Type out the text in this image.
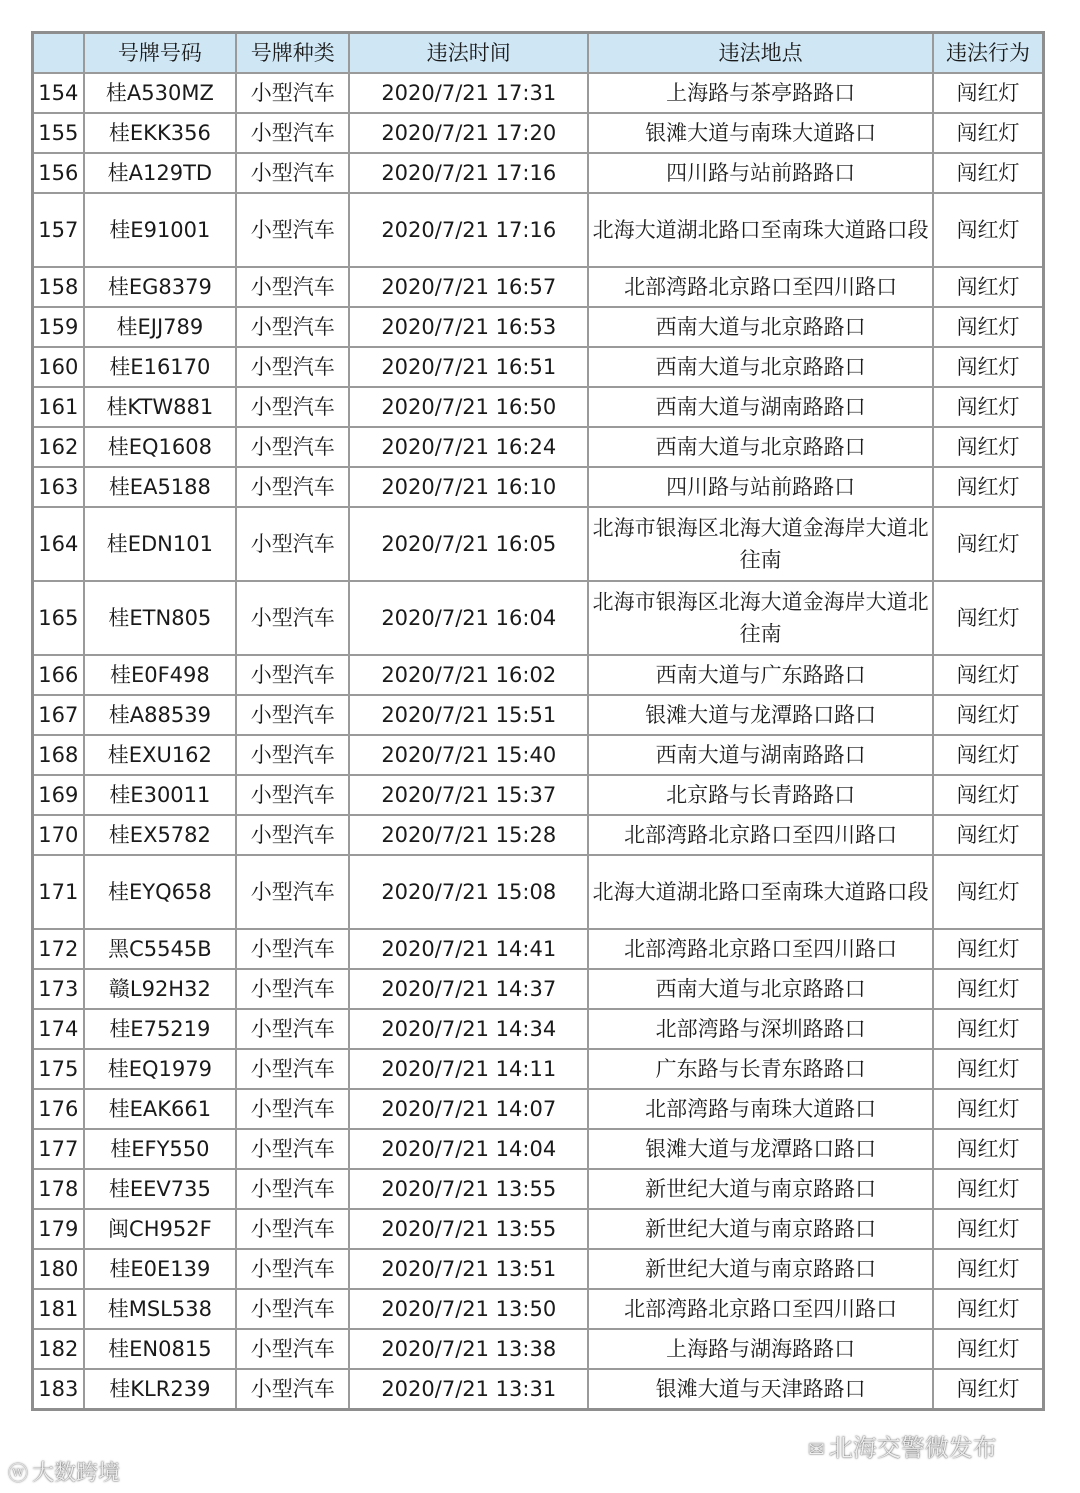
	号牌号码	号牌种类	违法时间	违法地点	违法行为
154	桂A530MZ	小型汽车	2020/7/21 17:31	上海路与茶亭路路口	闯红灯
155	桂EKK356	小型汽车	2020/7/21 17:20	银滩大道与南珠大道路口	闯红灯
156	桂A129TD	小型汽车	2020/7/21 17:16	四川路与站前路路口	闯红灯
157	桂E91001	小型汽车	2020/7/21 17:16	北海大道湖北路口至南珠大道路口段	闯红灯
158	桂EG8379	小型汽车	2020/7/21 16:57	北部湾路北京路口至四川路口	闯红灯
159	桂EJJ789	小型汽车	2020/7/21 16:53	西南大道与北京路路口	闯红灯
160	桂E16170	小型汽车	2020/7/21 16:51	西南大道与北京路路口	闯红灯
161	桂KTW881	小型汽车	2020/7/21 16:50	西南大道与湖南路路口	闯红灯
162	桂EQ1608	小型汽车	2020/7/21 16:24	西南大道与北京路路口	闯红灯
163	桂EA5188	小型汽车	2020/7/21 16:10	四川路与站前路路口	闯红灯
164	桂EDN101	小型汽车	2020/7/21 16:05	北海市银海区北海大道金海岸大道北往南	闯红灯
165	桂ETN805	小型汽车	2020/7/21 16:04	北海市银海区北海大道金海岸大道北往南	闯红灯
166	桂E0F498	小型汽车	2020/7/21 16:02	西南大道与广东路路口	闯红灯
167	桂A88539	小型汽车	2020/7/21 15:51	银滩大道与龙潭路口路口	闯红灯
168	桂EXU162	小型汽车	2020/7/21 15:40	西南大道与湖南路路口	闯红灯
169	桂E30011	小型汽车	2020/7/21 15:37	北京路与长青路路口	闯红灯
170	桂EX5782	小型汽车	2020/7/21 15:28	北部湾路北京路口至四川路口	闯红灯
171	桂EYQ658	小型汽车	2020/7/21 15:08	北海大道湖北路口至南珠大道路口段	闯红灯
172	黑C5545B	小型汽车	2020/7/21 14:41	北部湾路北京路口至四川路口	闯红灯
173	赣L92H32	小型汽车	2020/7/21 14:37	西南大道与北京路路口	闯红灯
174	桂E75219	小型汽车	2020/7/21 14:34	北部湾路与深圳路路口	闯红灯
175	桂EQ1979	小型汽车	2020/7/21 14:11	广东路与长青东路路口	闯红灯
176	桂EAK661	小型汽车	2020/7/21 14:07	北部湾路与南珠大道路口	闯红灯
177	桂EFY550	小型汽车	2020/7/21 14:04	银滩大道与龙潭路口路口	闯红灯
178	桂EEV735	小型汽车	2020/7/21 13:55	新世纪大道与南京路路口	闯红灯
179	闽CH952F	小型汽车	2020/7/21 13:55	新世纪大道与南京路路口	闯红灯
180	桂E0E139	小型汽车	2020/7/21 13:51	新世纪大道与南京路路口	闯红灯
181	桂MSL538	小型汽车	2020/7/21 13:50	北部湾路北京路口至四川路口	闯红灯
182	桂EN0815	小型汽车	2020/7/21 13:38	上海路与湖海路路口	闯红灯
183	桂KLR239	小型汽车	2020/7/21 13:31	银滩大道与天津路路口	闯红灯
ⓦ 大数跨境
✉ 北海交警微发布
